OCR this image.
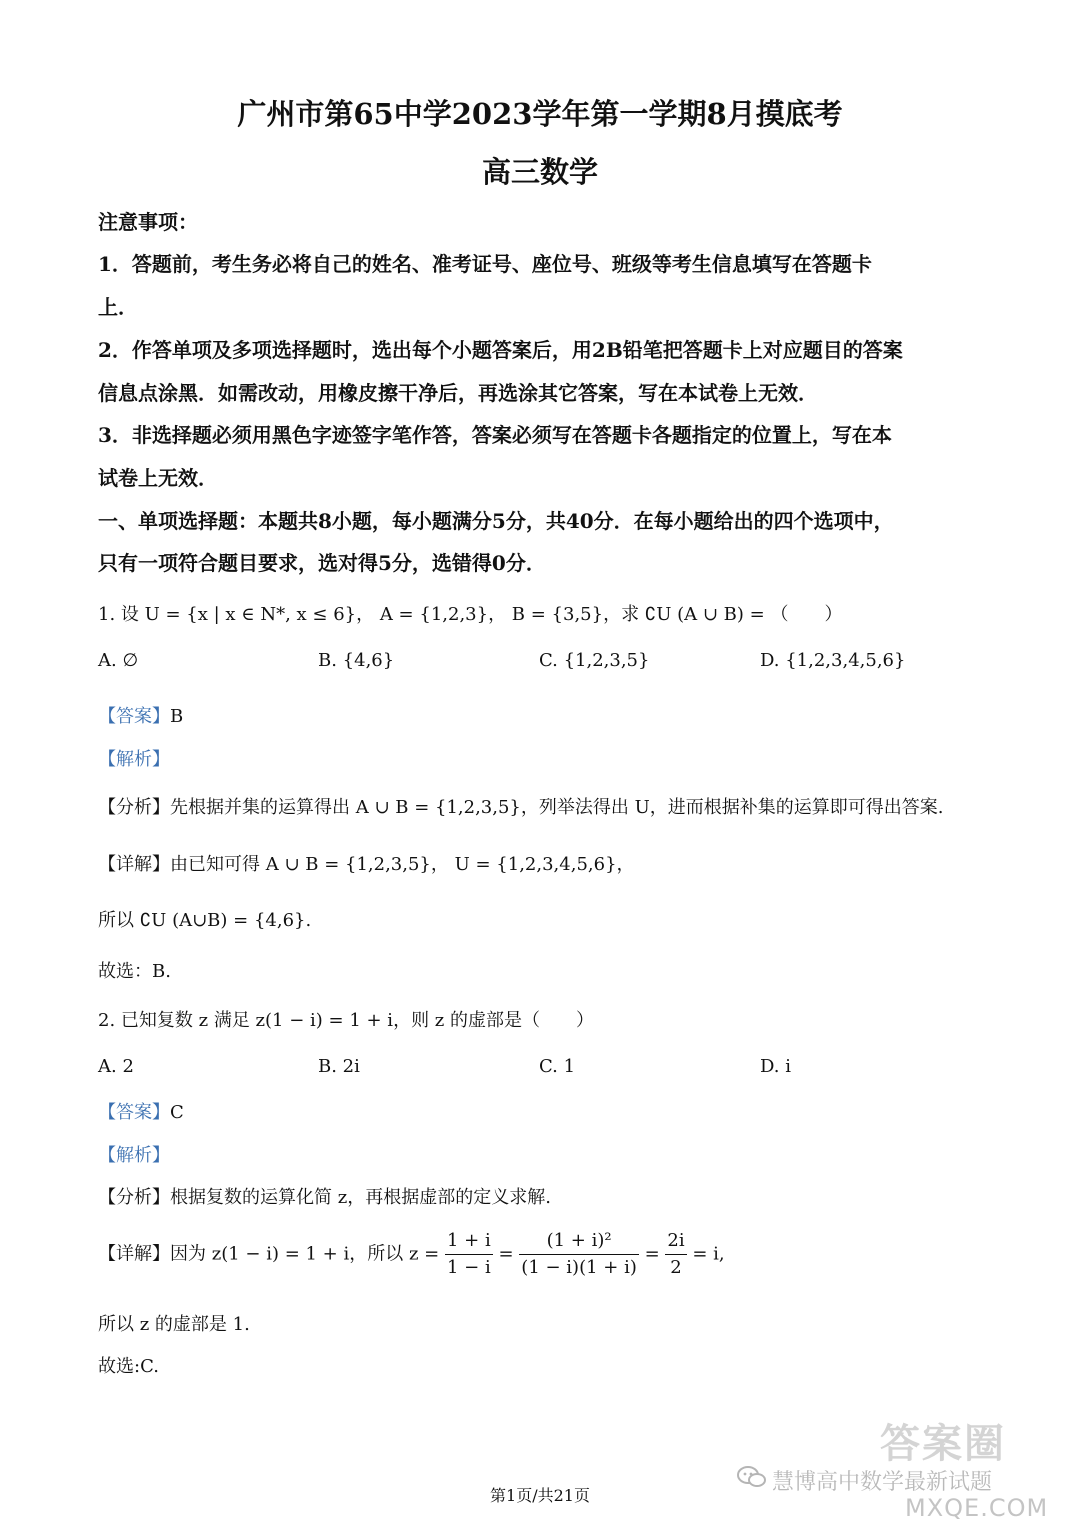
广州市第65中学2023学年第一学期8月摸底考
高三数学
注意事项：
1．答题前，考生务必将自己的姓名、准考证号、座位号、班级等考生信息填写在答题卡
上．
2．作答单项及多项选择题时，选出每个小题答案后，用2B铅笔把答题卡上对应题目的答案
信息点涂黑．如需改动，用橡皮擦干净后，再选涂其它答案，写在本试卷上无效．
3．非选择题必须用黑色字迹签字笔作答，答案必须写在答题卡各题指定的位置上，写在本
试卷上无效．
一、单项选择题：本题共8小题，每小题满分5分，共40分．在每小题给出的四个选项中，
只有一项符合题目要求，选对得5分，选错得0分．
1. 设 U = {x | x ∈ N*, x ≤ 6}， A = {1,2,3}， B = {3,5}，求 ∁U (A ∪ B) = （　　）
A. ∅	B. {4,6}	C. {1,2,3,5}	D. {1,2,3,4,5,6}
【答案】B
【解析】
【分析】先根据并集的运算得出 A ∪ B = {1,2,3,5}，列举法得出 U，进而根据补集的运算即可得出答案.
【详解】由已知可得 A ∪ B = {1,2,3,5}， U = {1,2,3,4,5,6}，
所以 ∁U (A∪B) = {4,6}.
故选：B.
2. 已知复数 z 满足 z(1 − i) = 1 + i，则 z 的虚部是（　　）
A. 2	B. 2i	C. 1	D. i
【答案】C
【解析】
【分析】根据复数的运算化简 z，再根据虚部的定义求解.
【详解】因为 z(1 − i) = 1 + i，所以 $z = \frac{1 + i}{1 - i} = \frac{\text{(1 + i)²}}{(1 - i)(1 + i)} = \frac{2i}{2} = i$,
所以 z 的虚部是 1.
故选:C.
答案圈
慧博高中数学最新试题
MXQE.COM
第1页/共21页
